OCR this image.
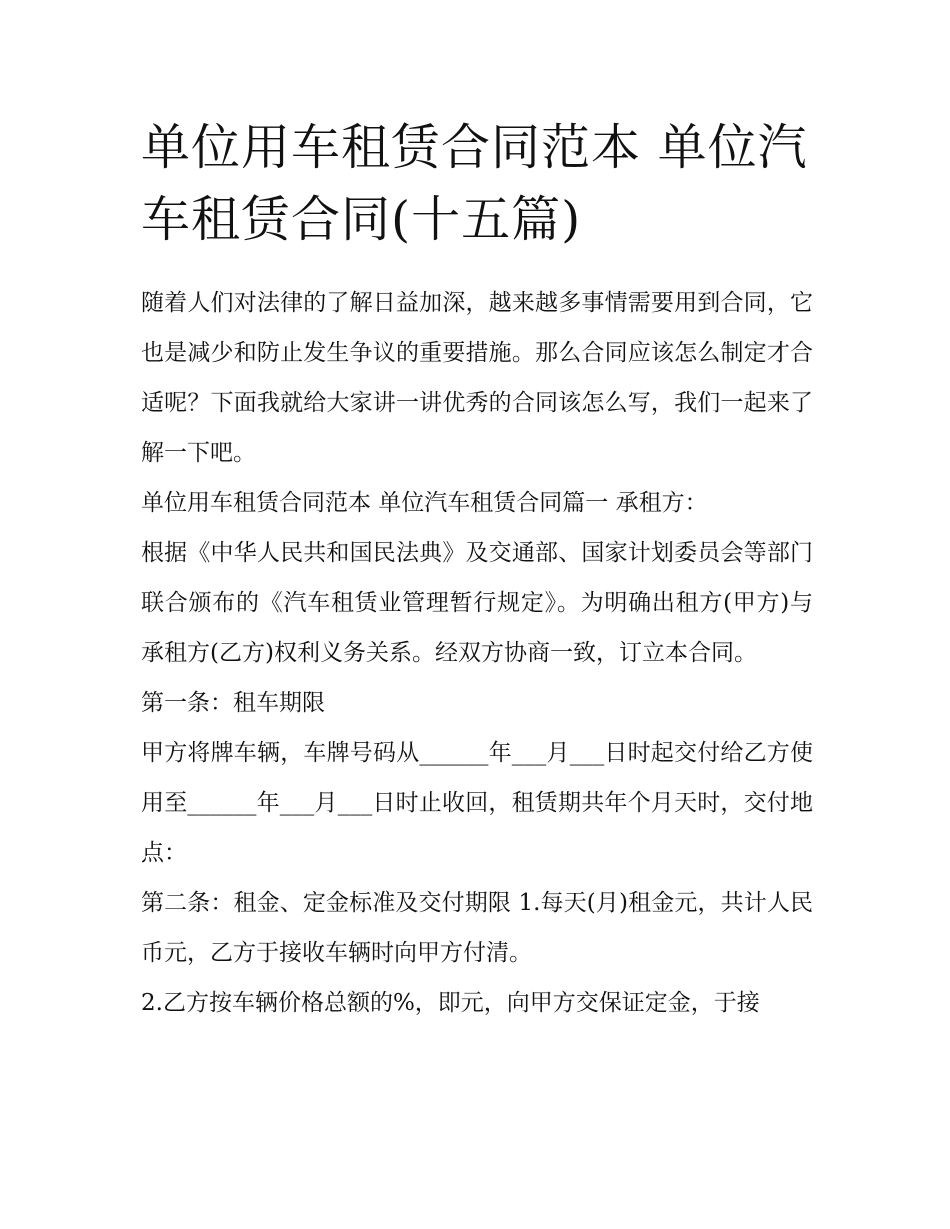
单位用车租赁合同范本 单位汽车租赁合同(十五篇)

随着人们对法律的了解日益加深，越来越多事情需要用到合同，它也是减少和防止发生争议的重要措施。那么合同应该怎么制定才合适呢？下面我就给大家讲一讲优秀的合同该怎么写，我们一起来了解一下吧。

单位用车租赁合同范本 单位汽车租赁合同篇一 承租方：

根据《中华人民共和国民法典》及交通部、国家计划委员会等部门联合颁布的《汽车租赁业管理暂行规定》。为明确出租方(甲方)与承租方(乙方)权利义务关系。经双方协商一致，订立本合同。

第一条：租车期限

甲方将牌车辆，车牌号码从______年___月___日时起交付给乙方使用至______年___月___日时止收回，租赁期共年个月天时，交付地点：

第二条：租金、定金标准及交付期限 1.每天(月)租金元，共计人民币元，乙方于接收车辆时向甲方付清。

2.乙方按车辆价格总额的%，即元，向甲方交保证定金，于接
